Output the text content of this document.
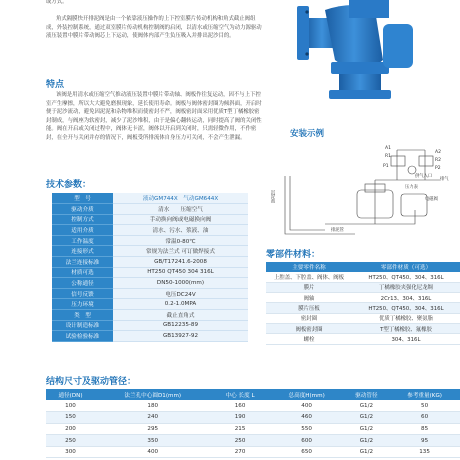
或方式。
角式隔膜快开排泥阀是由一个依靠液压操作的上下控室膜片传动机构和角式截止阀组成，外装控制系统，通过双室膜片传动机构控制阀的启闭，以清水或压缩空气为动力源驱动液压装置中膜片带动阀芯上下运动，使阀体内部产生负压吸入并排出泥沙目的。
特点
该阀是用清水或压缩空气推动液压装置中膜片带动轴、阀板作往复运动，因不与上下控室产生摩擦，所以大大避免磨损现象，延长使用寿命。阀板与阀体密封圈为倾斜面，开启时便于泥沙流动，避免因泥泥和杂物堆积而使密封不严，阀板密封面采用优质T型丁橘橡胶密封制成，与阀座为软密封，减少了泥沙堆积，由于是偏心翻转运动，同时提高了阀的关闭性能。阀在开启或关闭过程中，阀体无卡涩，阀体以开启到关闭时，只需轻微作用，不作密封，在全开与关闭并存的情况下，阀板受所排流体自身压力可关闭，不会产生泄漏。	安装示例
A1
R1
P1
A2
R2
P2
供气入口
排气
压力表
电磁阀
沉淀池
排泥管
技术参数：
型　号	液动GM744X　气动GM644X
驱动介质	清水　　压缩空气
控制方式	手动换向阀或电磁换向阀
适用介质	清水、污水、浆液、油
工作温度	常温0-80℃
连接形式	常规为法兰式 可订做焊接式
法兰连接标准	GB/T17241.6-2008
材质可选	HT250 QT450 304 316L
公称通径	DN50-1000(mm)
信号反馈	电压DC24V
压力环境	0.2-1.0MPA
类　型	截止直角式
设计制造标准	GB12235-89
试验检验标准	GB13927-92
零部件材料：
主要零件名称	零部件材质（可选）
上腔盖、下腔盖、阀体、阀板	HT250、QT450、304、316L
膜片	丁橘橡胶夹强化尼龙绸
阀轴	2Cr13、304、316L
膜片压板	HT250、QT450、304、316L
密封圈	优质丁橘橡胶、聚氨脂
阀板密封圈	T型丁橘橡胶、氟橡胶
螺栓	304、316L
结构尺寸及驱动管径：
通径(DN)	法兰孔中心圆D1(mm)	中心 长度 L	总高度H(mm)	驱动管径	参考重量(KG)
100	180	160	400	G1/2	50
150	240	190	460	G1/2	60
200	295	215	550	G1/2	85
250	350	250	600	G1/2	95
300	400	270	650	G1/2	135
